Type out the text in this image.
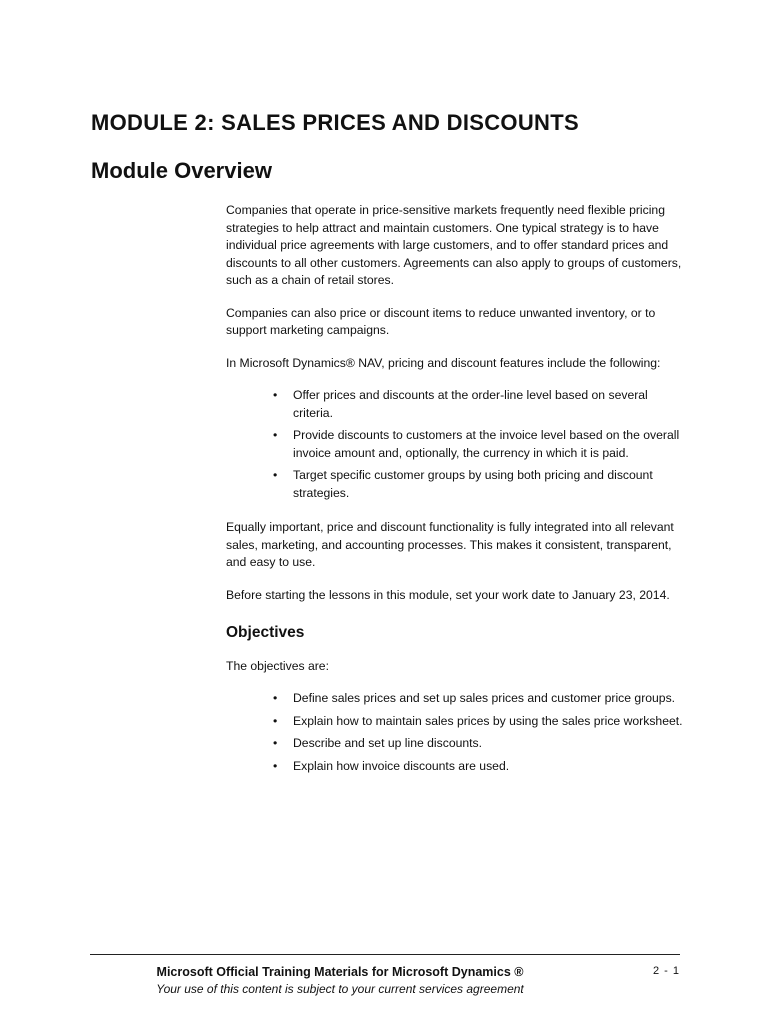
MODULE 2: SALES PRICES AND DISCOUNTS
Module Overview

Companies that operate in price-sensitive markets frequently need flexible pricing strategies to help attract and maintain customers. One typical strategy is to have individual price agreements with large customers, and to offer standard prices and discounts to all other customers. Agreements can also apply to groups of customers, such as a chain of retail stores.

Companies can also price or discount items to reduce unwanted inventory, or to support marketing campaigns.

In Microsoft Dynamics® NAV, pricing and discount features include the following:

• Offer prices and discounts at the order-line level based on several criteria.
• Provide discounts to customers at the invoice level based on the overall invoice amount and, optionally, the currency in which it is paid.
• Target specific customer groups by using both pricing and discount strategies.

Equally important, price and discount functionality is fully integrated into all relevant sales, marketing, and accounting processes. This makes it consistent, transparent, and easy to use.

Before starting the lessons in this module, set your work date to January 23, 2014.

Objectives

The objectives are:

• Define sales prices and set up sales prices and customer price groups.
• Explain how to maintain sales prices by using the sales price worksheet.
• Describe and set up line discounts.
• Explain how invoice discounts are used.
Microsoft Official Training Materials for Microsoft Dynamics ®
Your use of this content is subject to your current services agreement
2 - 1
